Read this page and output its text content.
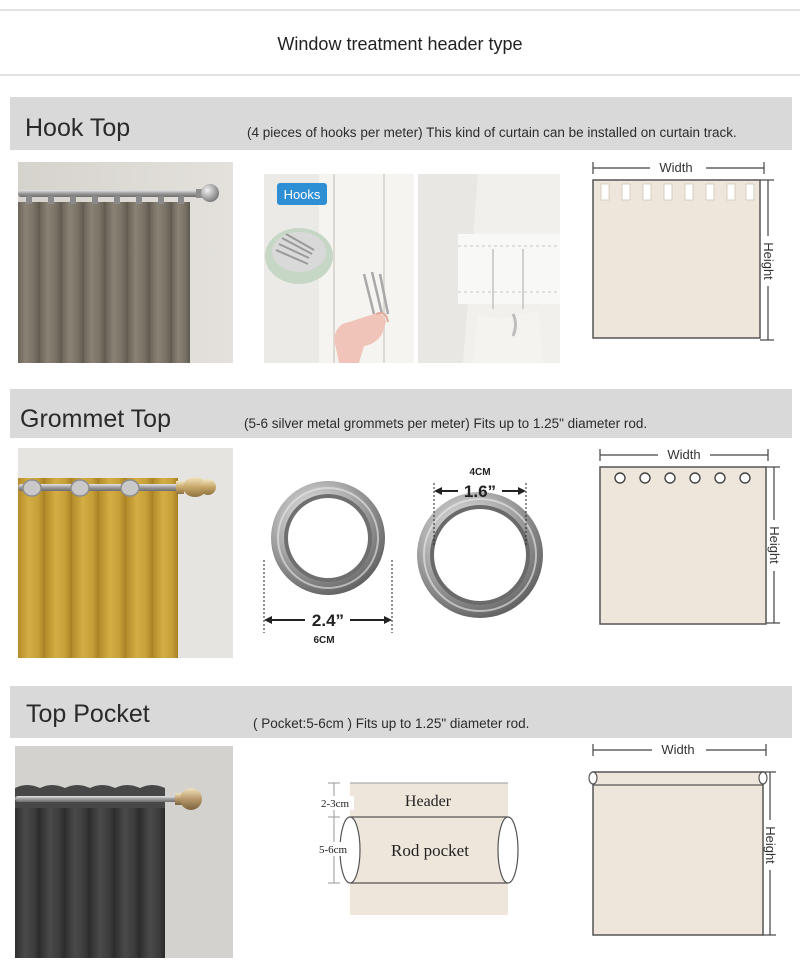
Window treatment header type
Hook Top	(4 pieces of hooks per meter) This kind of curtain can be installed on curtain track.
Hooks
Width
Height
Grommet Top	(5-6 silver metal grommets per meter) Fits up to 1.25" diameter rod.
2.4”
6CM
1.6”
4CM
Width
Height
Top Pocket	( Pocket:5-6cm ) Fits up to 1.25" diameter rod.
Header
Rod pocket
2-3cm
5-6cm
Width
Height
